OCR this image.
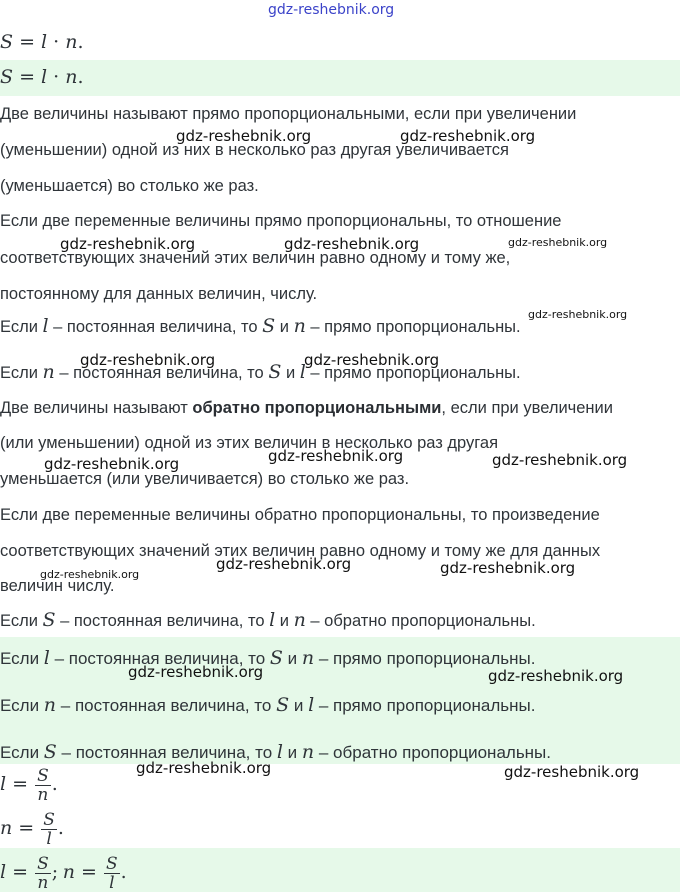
gdz-reshebnik.org
S = l · n.
S = l · n.
Две величины называют прямо пропорциональными, если при увеличении
(уменьшении) одной из них в несколько раз другая увеличивается
(уменьшается) во столько же раз.
Если две переменные величины прямо пропорциональны, то отношение
соответствующих значений этих величин равно одному и тому же,
постоянному для данных величин, числу.
Если l – постоянная величина, то S и n – прямо пропорциональны.
Если n – постоянная величина, то S и l – прямо пропорциональны.
Две величины называют обратно пропорциональными, если при увеличении
(или уменьшении) одной из этих величин в несколько раз другая
уменьшается (или увеличивается) во столько же раз.
Если две переменные величины обратно пропорциональны, то произведение
соответствующих значений этих величин равно одному и тому же для данных
величин числу.
Если S – постоянная величина, то l и n – обратно пропорциональны.
Если l – постоянная величина, то S и n – прямо пропорциональны.
Если n – постоянная величина, то S и l – прямо пропорциональны.
Если S – постоянная величина, то l и n – обратно пропорциональны.
$l = \frac{S}{n}$ .
$n = \frac{S}{l}$ .
$l = \frac{S}{n}$ ; $n = \frac{S}{l}$ .
gdz-reshebnik.org	gdz-reshebnik.org
gdz-reshebnik.org	gdz-reshebnik.org	gdz-reshebnik.org
gdz-reshebnik.org
gdz-reshebnik.org	gdz-reshebnik.org
gdz-reshebnik.org	gdz-reshebnik.org	gdz-reshebnik.org
gdz-reshebnik.org
gdz-reshebnik.org	gdz-reshebnik.org
gdz-reshebnik.org	gdz-reshebnik.org
gdz-reshebnik.org	gdz-reshebnik.org
